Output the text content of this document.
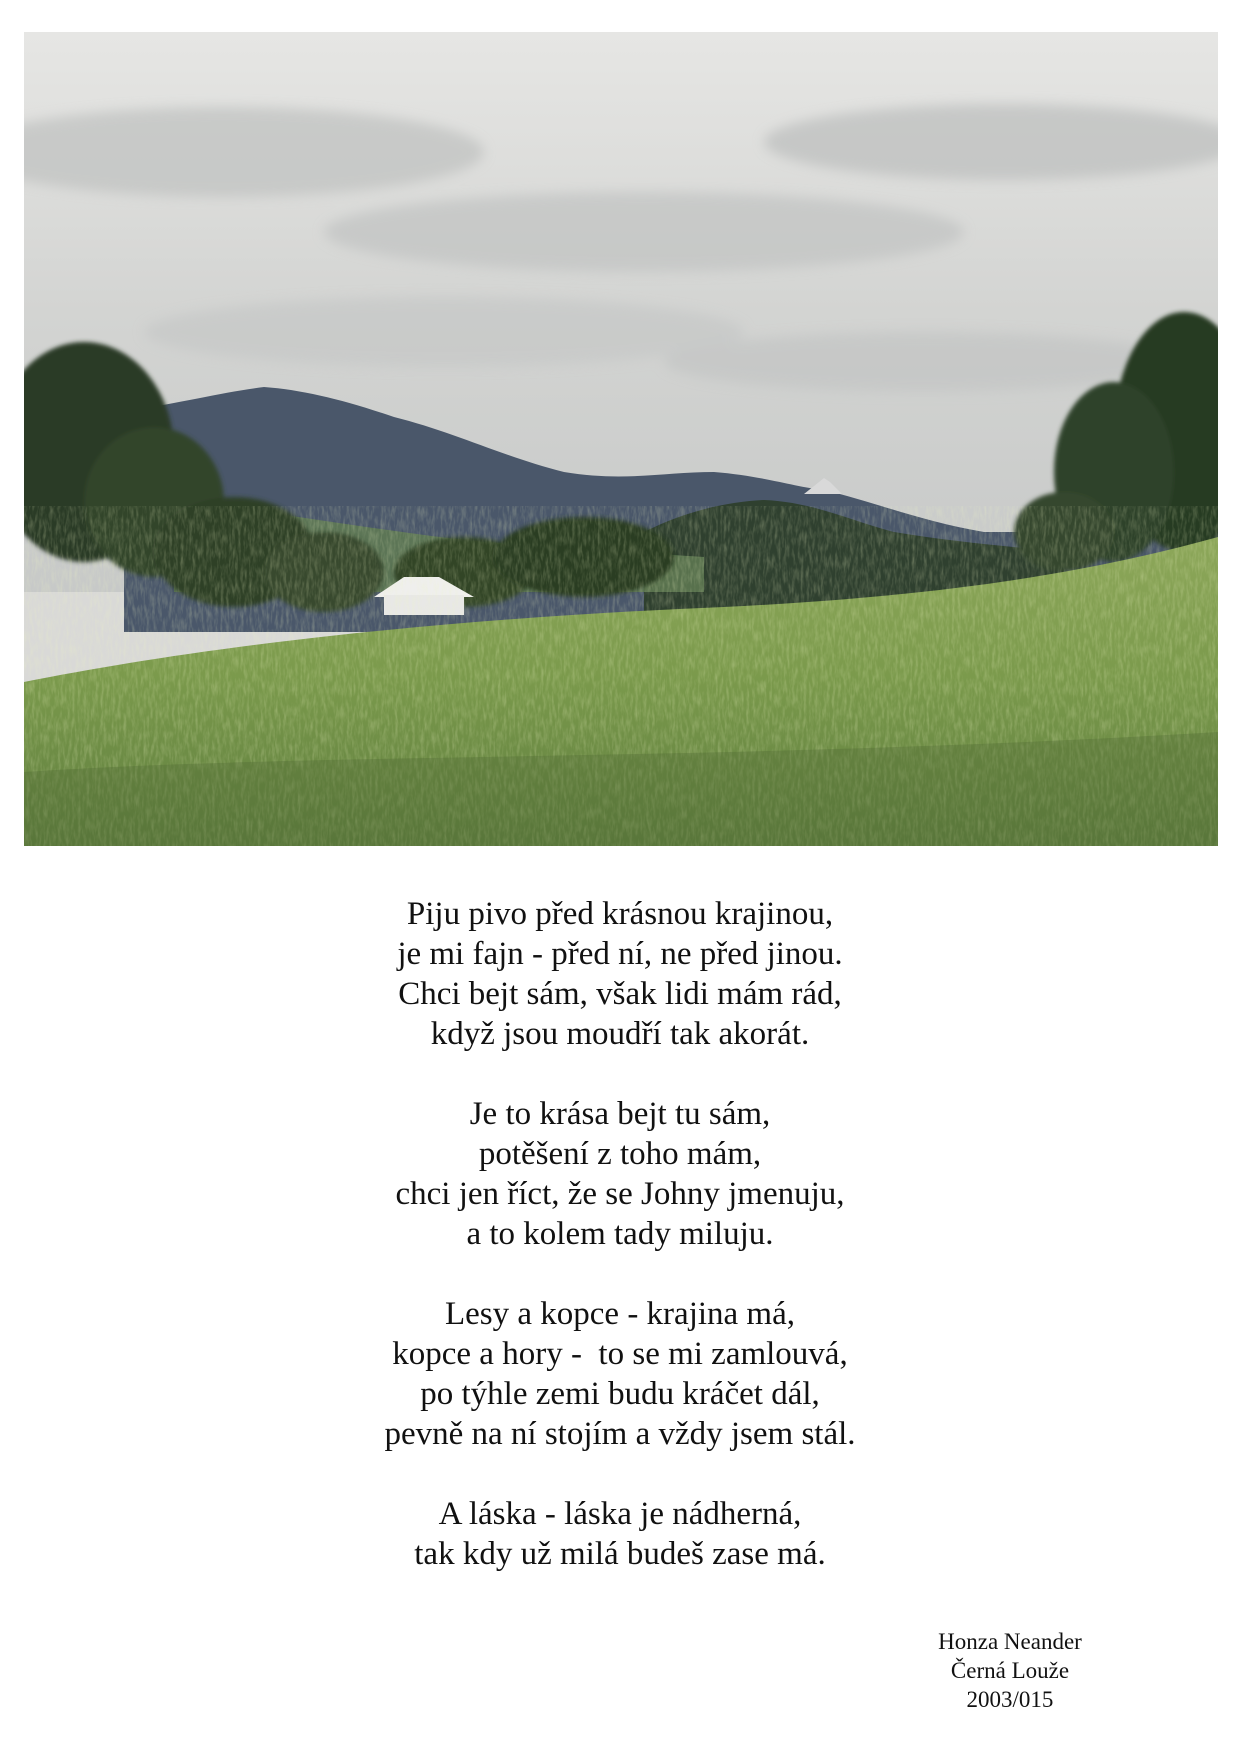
Piju pivo před krásnou krajinou,
je mi fajn - před ní, ne před jinou.
Chci bejt sám, však lidi mám rád,
když jsou moudří tak akorát.
Je to krása bejt tu sám,
potěšení z toho mám,
chci jen říct, že se Johny jmenuju,
a to kolem tady miluju.
Lesy a kopce - krajina má,
kopce a hory -  to se mi zamlouvá,
po týhle zemi budu kráčet dál,
pevně na ní stojím a vždy jsem stál.
A láska - láska je nádherná,
tak kdy už milá budeš zase má.
Honza Neander
Černá Louže
2003/015
